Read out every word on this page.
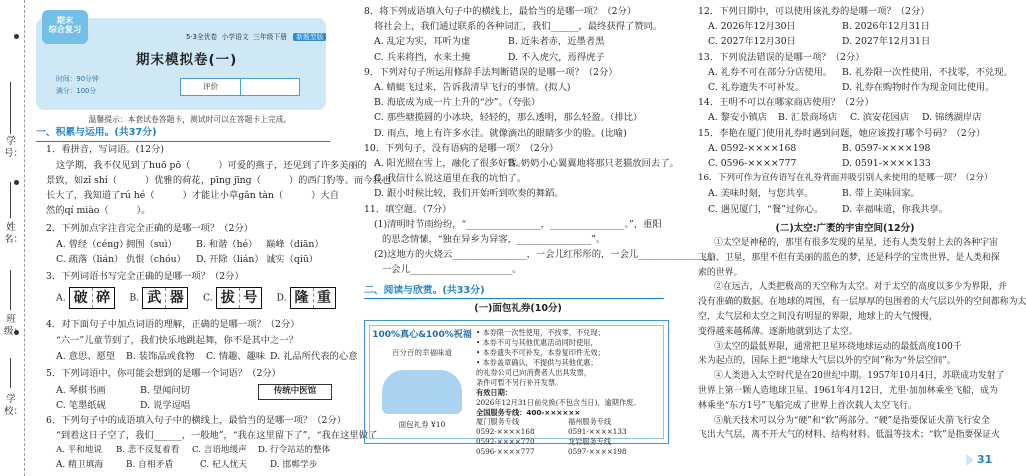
学号：
姓名：
班级：
学校：
期末
综合复习
5·3全优卷 小学语文 三年级下册 新题型版
期末模拟卷(一)
时间：90分钟
满分：100分	评价
温馨提示：本套试卷答题卡，测试时可以在答题卡上完成。
一、积累与运用。(共37分)
1．看拼音，写词语。(12分)
这学期，我不仅见到了huō pō（　　　）可爱的燕子，还见到了许多美丽的
景致，如zǐ shí（　　　）优雅的荷花，pīng jīng（　　　）的西门豹等。而今我也
长大了，我知道了rú hé（　　　）才能让小草gǎn tàn（　　　）大自
然的qí miào（　　　）。
2．下列加点字注音完全正确的是哪一项？（2分）
A. 曾经（céng）拥围（suì） B. 和谐（hé） 巅峰（diān）
C. 疏落（lián） 仇恨（chóu） D. 开除（lián） 诚实（qiū）
3．下列词语书写完全正确的是哪一项？（2分）
A. 破 碎	B. 武 器	C. 拔 号	D. 隆 重
4．对下面句子中加点词语的理解，正确的是哪一项？（2分）
“六一”儿童节到了，我们快乐地跳起舞，你不是其中之一？
A. 意思、愿望 B. 装饰品或食物 C. 情趣、趣味 D. 礼品所代表的心意
5．下列词语中，你可能会想到的是哪一个词语？（2分）
A. 琴棋书画	B. 望闻问切
C. 笔墨纸砚	D. 说学逗唱
传统中医馆
6．下列句子中的成语填入句子中的横线上，最恰当的是哪一项？（2分）
“到着这日子空了，我们______，一般地”，“我在这里留下了”，“我在这里做了
A. 平和地说 B. 悲不反复着看 C. 言语地缓声 D. 行令站站的整体
A. 精卫填海	B. 自相矛盾	C. 杞人忧天	D. 邯郸学步

8．将下列成语填入句子中的横线上，最恰当的是哪一项？（2分）

将社会上，我们通过联系的各种词汇，我们______，最终获得了赞同。

A. 乱定为实，耳听为虚	B. 近朱者赤，近墨者黑

C. 兵来将挡，水来土掩	D. 不入虎穴，焉得虎子

9．下列对句子所运用修辞手法判断错误的是哪一项？（2分）

A. 蜻蜓飞过来，告诉我清早飞行的事情。(拟人)

B. 海底成为成一片上升的“沙”。（夸张）

C. 那些塘揽圆的小冰块，轻轻的，那么透明，那么轻盈。（排比）

D. 雨点，地上有许多水洼。就像滴出的眼睛多少的脸。(比喻)

10．下列句子，没有语病的是哪一项？（2分）

A. 阳光照在雪上，融化了很多好雪。B. 奶奶小心翼翼地将那只老猫放回去了。

C. 我信什么说这道里在我的坑怕了。

D. 跟小时候比较，我们开始听到吹奏的舞蹈。

11．填空题。（7分）

(1)清明时节雨纷纷，“________________，________________。”，重阳

的思念情愫，“独在异乡为异客，________________”。

(2)这地方的火烧云________________，一会儿红彤彤的，一会儿________________，

一会儿______________________。

二、阅读与欣赏。(共33分)

(一)面包礼券(10分)

100%真心&100%祝福
百分百的幸福味道
面包礼券 ¥10
• 本券限一次性使用，不找零，不兑现；
• 本券不可与其他优惠活动同时使用，
• 本券遗失不可补发，本券复印件无效；
• 本券盖章确认，不提供与其他优惠；
的礼券公司已向消费者人出具发票，
条件可暂不另行补开发票。
有效日期：
2026年12月31日前兑换(不包含当日)，逾期作废。
全国服务专线：400-××××××
厦门服务专线	福州服务专线
0592-××××168	0591-××××133
0592-××××770	龙岩服务专线
0596-××××777	0597-××××198

12．下列日期中，可以使用该礼券的是哪一项？（2分）

A. 2026年12月30日	B. 2026年12月31日

C. 2027年12月30日	D. 2027年12月31日

13．下列说法错误的是哪一项？（2分）

A. 礼券不可在部分分店使用。 B. 礼券限一次性使用，不找零，不兑现。

C. 礼券遗失不可补发。	D. 礼券在购物时作为现金同比使用。

14．王明不可以在哪家商店使用？（2分）

A. 黎安小镇店 B. 汇景商场店 C. 滨安花园店 D. 锦绣湖岸店

15．李艳在厦门使用礼券时遇到问题，她应该拨打哪个号码？（2分）

A. 0592-××××168	B. 0597-××××198

C. 0596-××××777	D. 0591-××××133

16．下列可作为宣传语写在礼券背面并吸引别人来使用的是哪一项？（2分）

A. 美味时刻，与您共享。	B. 带上美味回家。

C. 遇见厦门，“餐”过你心。 D. 幸福味道，你我共享。

(二)太空:广袤的宇宙空间(12分)

①太空是神秘的，那里有很多发现的星星，还有人类发射上去的各种宇宙

飞船、卫星，那里不但有美丽的蓝色的梦，还是科学的宝贵世界，是人类和探

索的世界。

②在远古，人类把极高的天空称为太空。对于太空的高度以多少为界限，并

没有准确的数据。在地球的周围，有一层厚厚的包围着的大气层以外的空间都称为太

空，太气层和太空之间没有明显的界限，地球上的大气慢慢，

变得越来越稀薄。逐渐地就到达了太空。

③太空的最低界限，通常把卫星环绕地球运动的最低高度100千

米为起点的，国际上把“地球大气层以外的空间”称为“外层空间”。

④人类进入太空时代是在20世纪中期。1957年10月4日，苏联成功发射了

世界上第一颗人造地球卫星。1961年4月12日，尤里·加加林乘坐飞船，成为

林乘坐“东方1号”飞船完成了世界上首次载人太空飞行。

⑤航天技术可以分为“硬”和“软”两部分。“硬”是指要保证火箭飞行安全

飞出大气层，离不开大气的材料、结构材料、低温等技术；“软”是指要保证火

31
